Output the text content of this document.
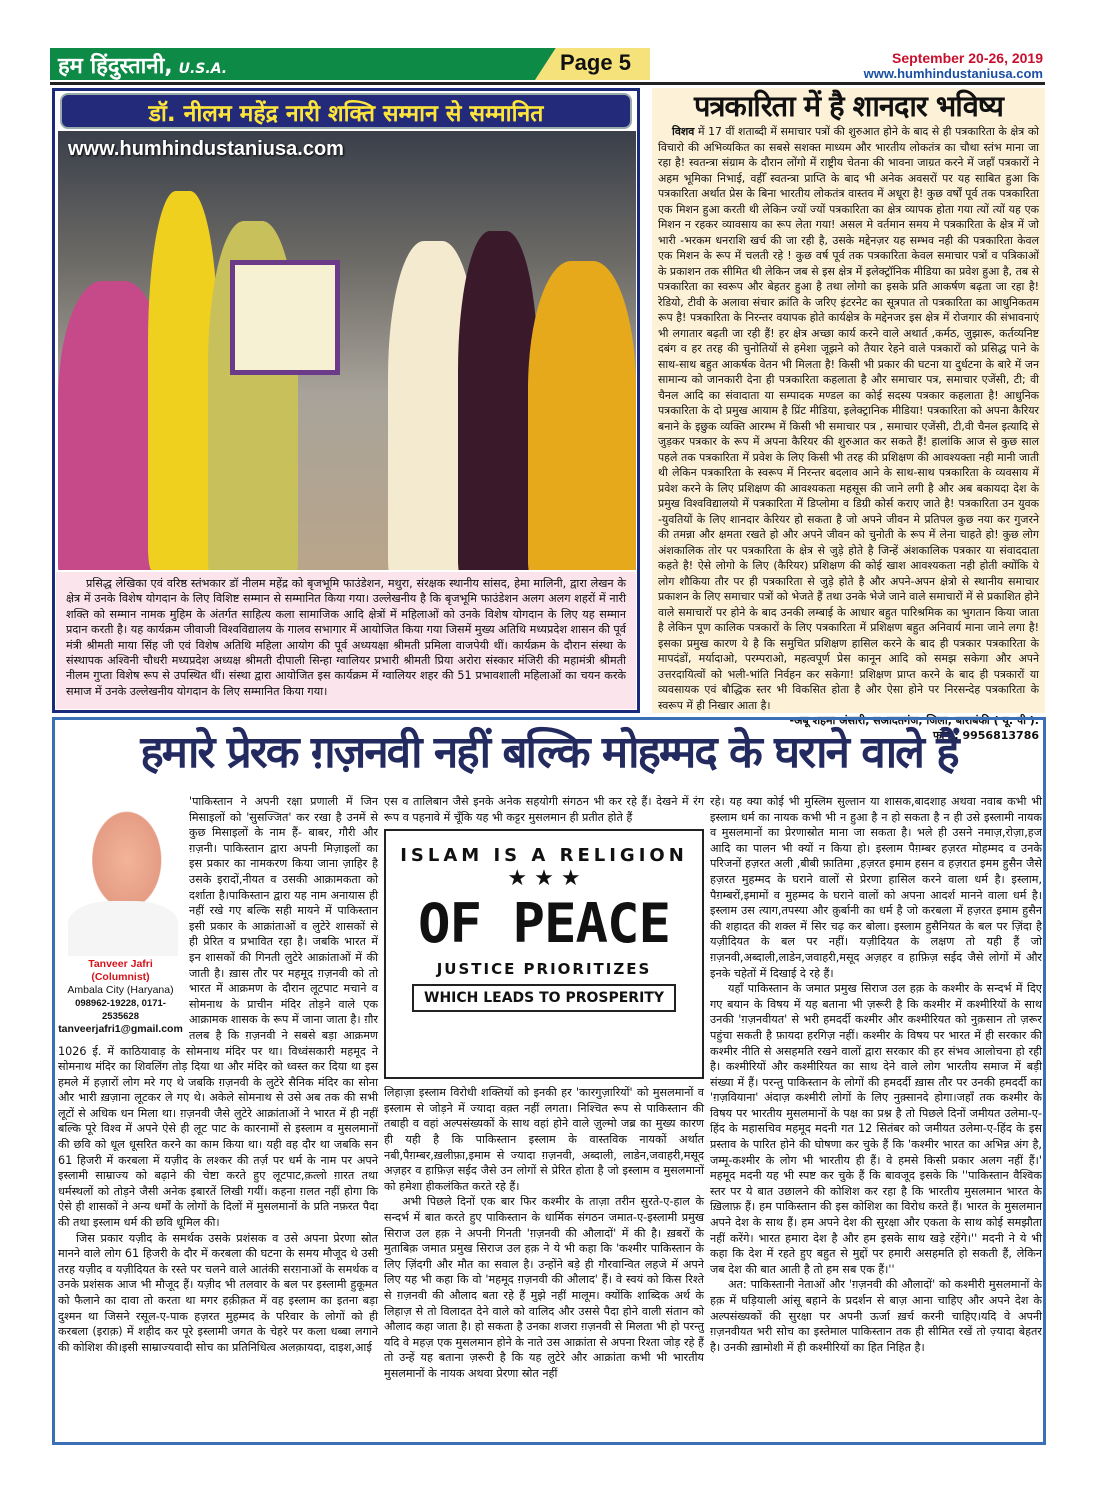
हम हिंदुस्तानी, U.S.A.	Page 5	September 20-26, 2019
www.humhindustaniusa.com
डॉ. नीलम महेंद्र नारी शक्ति सम्मान से सम्मानित
www.humhindustaniusa.com
प्रसिद्ध लेखिका एवं वरिष्ठ स्तंभकार डॉ नीलम महेंद्र को बृजभूमि फाउंडेशन, मथुरा, संरक्षक स्थानीय सांसद, हेमा मालिनी, द्वारा लेखन के क्षेत्र में उनके विशेष योगदान के लिए विशिष्ट सम्मान से सम्मानित किया गया। उल्लेखनीय है कि बृजभूमि फाउंडेशन अलग अलग शहरों में नारी शक्ति को सम्मान नामक मुहिम के अंतर्गत साहित्य कला सामाजिक आदि क्षेत्रों में महिलाओं को उनके विशेष योगदान के लिए यह सम्मान प्रदान करती है। यह कार्यक्रम जीवाजी विश्वविद्यालय के गालव सभागार में आयोजित किया गया जिसमें मुख्य अतिथि मध्यप्रदेश शासन की पूर्व मंत्री श्रीमती माया सिंह जी एवं विशेष अतिथि महिला आयोग की पूर्व अध्ययक्षा श्रीमती प्रमिला वाजपेयी थीं। कार्यक्रम के दौरान संस्था के संस्थापक अश्विनी चौधरी मध्यप्रदेश अध्यक्ष श्रीमती दीपाली सिन्हा ग्वालियर प्रभारी श्रीमती प्रिया अरोरा संस्कार मंजिरी की महामंत्री श्रीमती नीलम गुप्ता विशेष रूप से उपस्थित थीं। संस्था द्वारा आयोजित इस कार्यक्रम में ग्वालियर शहर की 51 प्रभावशाली महिलाओं का चयन करके समाज में उनके उल्लेखनीय योगदान के लिए सम्मानित किया गया।
पत्रकारिता में है शानदार भविष्य
विशव में 17 वीं शताब्दी में समाचार पत्रों की शुरुआत होने के बाद से ही पत्रकारिता के क्षेत्र को विचारो की अभिव्यकित का सबसे सशक्त माध्यम और भारतीय लोकतंत्र का चौथा स्तंभ माना जा रहा है! स्वतन्त्रा संग्राम के दौरान लोंगो में राष्ट्रीय चेतना की भावना जाग्रत करने में जहाँ पत्रकारों ने अहम भूमिका निभाई, वहीँ स्वतन्त्रा प्राप्ति के बाद भी अनेक अवसरों पर यह साबित हुआ कि पत्रकारिता अर्थात प्रेस के बिना भारतीय लोकतंत्र वास्तव में अधूरा है! कुछ वर्षों पूर्व तक पत्रकारिता एक मिशन हुआ करती थी लेकिन ज्यों ज्यों पत्रकारिता का क्षेत्र व्यापक होता गया त्यों त्यों यह एक मिशन न रहकर व्यावसाय का रूप लेता गया! असल मे वर्तमान समय मे पत्रकारिता के क्षेत्र में जो भारी -भरकम धनराशि खर्च की जा रही है, उसके मद्देनज़र यह सम्भव नही की पत्रकारिता केवल एक मिशन के रूप में चलती रहे ! कुछ वर्ष पूर्व तक पत्रकारिता केवल समाचार पत्रों व पत्रिकाओं के प्रकाशन तक सीमित थी लेकिन जब से इस क्षेत्र में इलेक्ट्रॉनिक मीडिया का प्रवेश हुआ है, तब से पत्रकारिता का स्वरूप और बेहतर हुआ है तथा लोगो का इसके प्रति आकर्षण बढ़ता जा रहा है! रेडियो, टीवी के अलावा संचार क्रांति के जरिए इंटरनेट का सूत्रपात तो पत्रकारिता का आधुनिकतम रूप है! पत्रकारिता के निरन्तर वयापक होते कार्यक्षेत्र के मद्देनजर इस क्षेत्र में रोजगार की संभावनाएं भी लगातार बढ़ती जा रही हैं! हर क्षेत्र अच्छा कार्य करने वाले अथार्त ,कर्मठ, जुझारू, कर्तव्यनिष्ट दबंग व हर तरह की चुनोतियों से हमेशा जूझने को तैयार रेहने वाले पत्रकारों को प्रसिद्ध पाने के साथ-साथ बहुत आकर्षक वेतन भी मिलता है! किसी भी प्रकार की घटना या दुर्धटना के बारे में जन सामान्य को जानकारी देना ही पत्रकारिता कहलाता है और समाचार पत्र, समाचार एजेंसी, टी; वी चैनल आदि का संवादाता या सम्पादक मण्डल का कोई सदस्य पत्रकार कहलाता है! आधुनिक पत्रकारिता के दो प्रमुख आयाम है प्रिंट मीडिया, इलेक्ट्रानिक मीडिया! पत्रकारिता को अपना कैरियर बनाने के इछुक व्यक्ति आरम्भ में किसी भी समाचार पत्र , समाचार एजेंसी, टी,वी चैनल इत्यादि से जुड़कर पत्रकार के रूप में अपना कैरियर की शुरुआत कर सकते हैं! हालांकि आज से कुछ साल पहले तक पत्रकारिता में प्रवेश के लिए किसी भी तरह की प्रशिक्षण की आवश्यक्ता नही मानी जाती थी लेकिन पत्रकारिता के स्वरूप में निरन्तर बदलाव आने के साथ-साथ पत्रकारिता के व्यवसाय में प्रवेश करने के लिए प्रशिक्षण की आवश्यकता महसूस की जाने लगी है और अब बकायदा देश के प्रमुख विश्वविद्यालयो में पत्रकारिता में डिप्लोमा व डिग्री कोर्स कराए जाते है! पत्रकारिता उन युवक -युवतियों के लिए शानदार केरियर हो सकता है जो अपने जीवन मे प्रतिपल कुछ नया कर गुजरने की तमन्ना और क्षमता रखते हो और अपने जीवन को चुनोती के रूप में लेना चाहते हो! कुछ लोग अंशकालिक तोर पर पत्रकारिता के क्षेत्र से जुड़े होते है जिन्हें अंशकालिक पत्रकार या संवाददाता कहते है! ऐसे लोगो के लिए (कैरियर) प्रशिक्षण की कोई खाश आवश्यकता नही होती क्योंकि ये लोग शौकिया तौर पर ही पत्रकारिता से जुड़े होते है और अपने-अपन क्षेत्रो से स्थानीय समाचार प्रकाशन के लिए समाचार पत्रों को भेजते हैं तथा उनके भेजे जाने वाले समाचारों में से प्रकाशित होने वाले समाचारों पर होने के बाद उनकी लम्बाई के आधार बहुत पारिश्रमिक का भुगतान किया जाता है लेकिन पूण कालिक पत्रकारों के लिए पत्रकारिता में प्रशिक्षण बहुत अनिवार्य माना जाने लगा है! इसका प्रमुख कारण ये है कि समुचित प्रशिक्षण हासिल करने के बाद ही पत्रकार पत्रकारिता के मापदंडों, मर्यादाओ, परम्पराओ, महत्वपूर्ण प्रेस कानून आदि को समझ सकेगा और अपने उत्तरदायित्वों को भली-भांति निर्वहन कर सकेगा! प्रशिक्षण प्राप्त करने के बाद ही पत्रकारों या व्यवसायक एवं बौद्धिक स्तर भी विकसित होता है और ऐसा होने पर निरसन्देह पत्रकारिता के स्वरूप में ही निखार आता है।
-अबू शहमा अंसारी, सआदतगंज, जिला, बाराबंकी ( यू. पी ).
फोन : 9956813786
हमारे प्रेरक ग़ज़नवी नहीं बल्कि मोहम्मद के घराने वाले हैं
Tanveer Jafri (Columnist)
Ambala City (Haryana)
098962-19228, 0171-2535628
tanveerjafri1@gmail.com

'पाकिस्तान ने अपनी रक्षा प्रणाली में जिन मिसाइलों को 'सुसज्जित' कर रखा है उनमें से कुछ मिसाइलों के नाम हैं- बाबर, गौरी और ग़ज़नी। पाकिस्तान द्वारा अपनी मिज़ाइलों का इस प्रकार का नामकरण किया जाना ज़ाहिर है उसके इरादों,नीयत व उसकी आक्रामकता को दर्शाता है।पाकिस्तान द्वारा यह नाम अनायास ही नहीं रखे गए बल्कि सही मायने में पाकिस्तान इसी प्रकार के आक्रांताओं व लुटेरे शासकों से ही प्रेरित व प्रभावित रहा है। जबकि भारत में इन शासकों की गिनती लुटेरे आक्रांताओं में की जाती है। ख़ास तौर पर महमूद ग़ज़नवी को तो भारत में आक्रमण के दौरान लूटपाट मचाने व सोमनाथ के प्राचीन मंदिर तोड़ने वाले एक आक्रामक शासक के रूप में जाना जाता है। ग़ौर तलब है कि ग़ज़नवी ने सबसे बड़ा आक्रमण 1026 ई. में काठियावाड़ के सोमनाथ मंदिर पर था। विध्वंसकारी महमूद ने सोमनाथ मंदिर का शिवलिंग तोड़ दिया था और मंदिर को ध्वस्त कर दिया था इस हमले में हज़ारों लोग मरे गए थे जबकि ग़ज़नवी के लुटेरे सैनिक मंदिर का सोना और भारी ख़ज़ाना लूटकर ले गए थे। अकेले सोमनाथ से उसे अब तक की सभी लूटों से अधिक धन मिला था। ग़ज़नवी जैसे लुटेरे आक्रांताओं ने भारत में ही नहीं बल्कि पूरे विश्व में अपने ऐसे ही लूट पाट के कारनामों से इस्लाम व मुसलमानों की छवि को धूल धूसरित करने का काम किया था। यही वह दौर था जबकि सन 61 हिजरी में करबला में यज़ीद के लश्कर की तर्ज़ पर धर्म के नाम पर अपने इस्लामी साम्राज्य को बढ़ाने की चेष्टा करते हुए लूटपाट,क़त्लो ग़ारत तथा धर्मस्थलों को तोड़ने जैसी अनेक इबारतें लिखी गयीं। कहना ग़लत नहीं होगा कि ऐसे ही शासकों ने अन्य धर्मों के लोगों के दिलों में मुसलमानों के प्रति नफ़रत पैदा की तथा इस्लाम धर्म की छवि धूमिल की।

जिस प्रकार यज़ीद के समर्थक उसके प्रशंसक व उसे अपना प्रेरणा स्रोत मानने वाले लोग 61 हिजरी के दौर में करबला की घटना के समय मौजूद थे उसी तरह यज़ीद व यज़ीदियत के रस्ते पर चलने वाले आतंकी सरग़नाओं के समर्थक व उनके प्रशंसक आज भी मौजूद हैं। यज़ीद भी तलवार के बल पर इस्लामी हुकूमत को फैलाने का दावा तो करता था मगर हक़ीक़त में वह इस्लाम का इतना बड़ा दुश्मन था जिसने रसूल-ए-पाक हज़रत मुहम्मद के परिवार के लोगों को ही करबला (इराक़) में शहीद कर पूरे इस्लामी जगत के चेहरे पर कला धब्बा लगाने की कोशिश की।इसी साम्राज्यवादी सोच का प्रतिनिधित्व अलक़ायदा, दाइश,आई

एस व तालिबान जैसे इनके अनेक सहयोगी संगठन भी कर रहे हैं। देखने में रंग रूप व पहनावे में चूँकि यह भी कट्टर मुसलमान ही प्रतीत होते हैं

ISLAM IS A RELIGION
★ ★ ★
OF PEACE
JUSTICE PRIORITIZES
WHICH LEADS TO PROSPERITY

लिहाज़ा इस्लाम विरोधी शक्तियों को इनकी हर 'कारगुज़ारियों' को मुसलमानों व इस्लाम से जोड़ने में ज्यादा वक़्त नहीं लगता। निश्चित रूप से पाकिस्तान की तबाही व वहां अल्पसंख्यकों के साथ वहां होने वाले ज़ुल्मो जब्र का मुख्य कारण ही यही है कि पाकिस्तान इस्लाम के वास्तविक नायकों अर्थात नबी,पैग़म्बर,ख़लीफ़ा,इमाम से ज्यादा ग़ज़नवी, अब्दाली, लाडेन,जवाहरी,मसूद अज़हर व हाफ़िज़ सईद जैसे उन लोगों से प्रेरित होता है जो इस्लाम व मुसलमानों को हमेशा हीकलंकित करते रहे हैं।

अभी पिछले दिनों एक बार फिर कश्मीर के ताज़ा तरीन सुरते-ए-हाल के सन्दर्भ में बात करते हुए पाकिस्तान के धार्मिक संगठन जमात-ए-इस्लामी प्रमुख सिराज उल हक़ ने अपनी गिनती 'ग़ज़नवी की औलादों' में की है। ख़बरों के मुताबिक़ जमात प्रमुख सिराज उल हक़ ने ये भी कहा कि 'कश्मीर पाकिस्तान के लिए ज़िंदगी और मौत का सवाल है। उन्होंने बड़े ही गौरवान्वित लहजे में अपने लिए यह भी कहा कि वो 'महमूद ग़ज़नवी की औलाद' हैं। वे स्वयं को किस रिश्ते से ग़ज़नवी की औलाद बता रहे हैं मुझे नहीं मालूम। क्योंकि शाब्दिक अर्थ के लिहाज़ से तो विलादत देने वाले को वालिद और उससे पैदा होने वाली संतान को औलाद कहा जाता है। हो सकता है उनका शजरा ग़ज़नवी से मिलता भी हो परन्तु यदि वे महज़ एक मुसलमान होने के नाते उस आक्रांता से अपना रिश्ता जोड़ रहे हैं तो उन्हें यह बताना ज़रूरी है कि यह लुटेरे और आक्रांता कभी भी भारतीय मुसलमानों के नायक अथवा प्रेरणा स्रोत नहीं

रहे। यह क्या कोई भी मुस्लिम सुल्तान या शासक,बादशाह अथवा नवाब कभी भी इस्लाम धर्म का नायक कभी भी न हुआ है न हो सकता है न ही उसे इस्लामी नायक व मुसलमानों का प्रेरणास्रोत माना जा सकता है। भले ही उसने नमाज़,रोज़ा,हज आदि का पालन भी क्यों न किया हो। इस्लाम पैग़म्बर हज़रत मोहम्मद व उनके परिजनों हज़रत अली ,बीबी फ़ातिमा ,हज़रत इमाम हसन व हज़रात इमम हुसैन जैसे हज़रत मुहम्मद के घराने वालों से प्रेरणा हासिल करने वाला धर्म है। इस्लाम, पैग़म्बरों,इमामों व मुहम्मद के घराने वालों को अपना आदर्श मानने वाला धर्म है।इस्लाम उस त्याग,तपस्या और क़ुर्बानी का धर्म है जो करबला में हज़रत इमाम हुसैन की शहादत की शक्ल में सिर चढ़ कर बोला। इस्लाम हुसैनियत के बल पर ज़िंदा है यज़ीदियत के बल पर नहीं। यज़ीदियत के लक्षण तो यही हैं जो ग़ज़नवी,अब्दाली,लाडेन,जवाहरी,मसूद अज़हर व हाफ़िज़ सईद जैसे लोगों में और इनके चहेतों में दिखाई दे रहे हैं।

यहाँ पाकिस्तान के जमात प्रमुख सिराज उल हक़ के कश्मीर के सन्दर्भ में दिए गए बयान के विषय में यह बताना भी ज़रूरी है कि कश्मीर में कश्मीरियों के साथ उनकी 'ग़ज़नवीयत' से भरी हमदर्दी कश्मीर और कश्मीरियत को नुक़सान तो ज़रूर पहुंचा सकती है फ़ायदा हरगिज़ नहीं। कश्मीर के विषय पर भारत में ही सरकार की कश्मीर नीति से असहमति रखने वालों द्वारा सरकार की हर संभव आलोचना हो रही है। कश्मीरियों और कश्मीरियत का साथ देने वाले लोग भारतीय समाज में बड़ी संख्या में हैं। परन्तु पाकिस्तान के लोगों की हमदर्दी ख़ास तौर पर उनकी हमदर्दी का 'ग़ज़वियाना' अंदाज़ कश्मीरी लोगों के लिए नुक़्सानदे होगा।जहाँ तक कश्मीर के विषय पर भारतीय मुसलमानों के पक्ष का प्रश्न है तो पिछले दिनों जमीयत उलेमा-ए-हिंद के महासचिव महमूद मदनी गत 12 सितंबर को जमीयत उलेमा-ए-हिंद के इस प्रस्ताव के पारित होने की घोषणा कर चुके हैं कि 'कश्मीर भारत का अभिन्न अंग है, जम्मू-कश्मीर के लोग भी भारतीय ही हैं। वे हमसे किसी प्रकार अलग नहीं हैं।' महमूद मदनी यह भी स्पष्ट कर चुके हैं कि बावजूद इसके कि ''पाकिस्तान वैश्विक स्तर पर ये बात उछालने की कोशिश कर रहा है कि भारतीय मुसलमान भारत के ख़िलाफ़ हैं। हम पाकिस्तान की इस कोशिश का विरोध करते हैं। भारत के मुसलमान अपने देश के साथ हैं। हम अपने देश की सुरक्षा और एकता के साथ कोई समझौता नहीं करेंगे। भारत हमारा देश है और हम इसके साथ खड़े रहेंगे।'' मदनी ने ये भी कहा कि देश में रहते हुए बहुत से मुद्दों पर हमारी असहमति हो सकती हैं, लेकिन जब देश की बात आती है तो हम सब एक हैं।''

अत: पाकिस्तानी नेताओं और 'ग़ज़नवी की औलादों' को कश्मीरी मुसलमानों के हक़ में घड़ियाली आंसू बहाने के प्रदर्शन से बाज़ आना चाहिए और अपने देश के अल्पसंख्यकों की सुरक्षा पर अपनी ऊर्जा ख़र्च करनी चाहिए।यदि वे अपनी ग़ज़नवीयत भरी सोच का इस्तेमाल पाकिस्तान तक ही सीमित रखें तो ज़्यादा बेहतर है। उनकी ख़ामोशी में ही कश्मीरियों का हित निहित है।
